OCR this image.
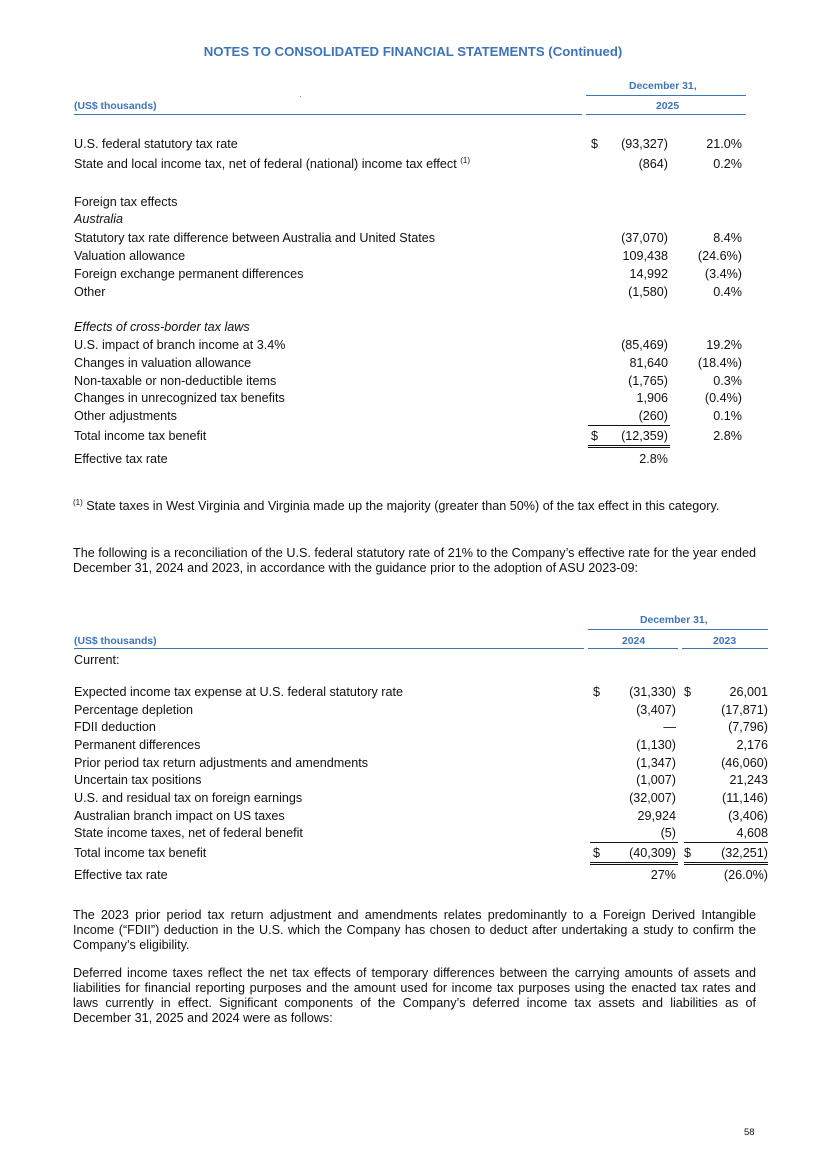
NOTES TO CONSOLIDATED FINANCIAL STATEMENTS (Continued)
December 31,
(US$ thousands)	2025
U.S. federal statutory tax rate	$ (93,327)	21.0%
State and local income tax, net of federal (national) income tax effect $^{(1)}$	(864)	0.2%
Foreign tax effects
Australia
Statutory tax rate difference between Australia and United States	(37,070)	8.4%
Valuation allowance	109,438 (24.6%)
Foreign exchange permanent differences	14,992	(3.4%)
Other	(1,580)	0.4%
Effects of cross-border tax laws
U.S. impact of branch income at 3.4%	(85,469)	19.2%
Changes in valuation allowance	81,640 (18.4%)
Non-taxable or non-deductible items	(1,765)	0.3%
Changes in unrecognized tax benefits	1,906	(0.4%)
Other adjustments	(260)	0.1%
Total income tax benefit	$ (12,359)	2.8%
Effective tax rate	2.8%
$^{(1)}$ State taxes in West Virginia and Virginia made up the majority (greater than 50%) of the tax effect in this category.
The following is a reconciliation of the U.S. federal statutory rate of 21% to the Company’s effective rate for the year ended December 31, 2024 and 2023, in accordance with the guidance prior to the adoption of ASU 2023-09:
December 31,
(US$ thousands)	2024	2023
Current:
Expected income tax expense at U.S. federal statutory rate	$ (31,330) $	26,001
Percentage depletion	(3,407)	(17,871)
FDII deduction	—	(7,796)
Permanent differences	(1,130)	2,176
Prior period tax return adjustments and amendments	(1,347)	(46,060)
Uncertain tax positions	(1,007)	21,243
U.S. and residual tax on foreign earnings	(32,007)	(11,146)
Australian branch impact on US taxes	29,924	(3,406)
State income taxes, net of federal benefit	(5)	4,608
Total income tax benefit	$ (40,309) $ (32,251)
Effective tax rate	27%	(26.0%)
The 2023 prior period tax return adjustment and amendments relates predominantly to a Foreign Derived Intangible Income (“FDII”) deduction in the U.S. which the Company has chosen to deduct after undertaking a study to confirm the Company’s eligibility.
Deferred income taxes reflect the net tax effects of temporary differences between the carrying amounts of assets and liabilities for financial reporting purposes and the amount used for income tax purposes using the enacted tax rates and laws currently in effect. Significant components of the Company’s deferred income tax assets and liabilities as of December 31, 2025 and 2024 were as follows:
58
